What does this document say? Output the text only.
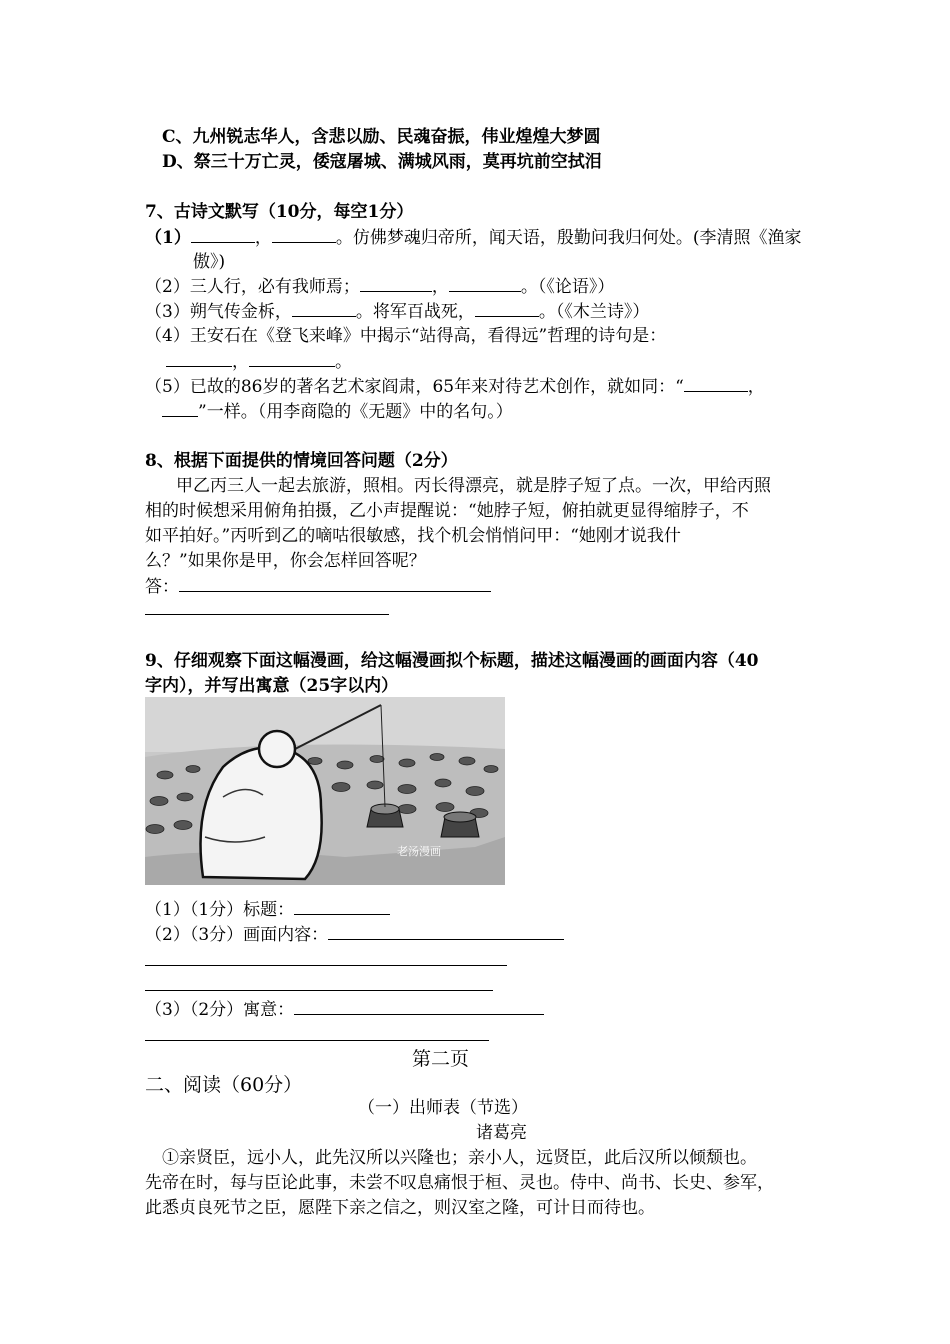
C、九州锐志华人，含悲以励、民魂奋振，伟业煌煌大梦圆
D、祭三十万亡灵，倭寇屠城、满城风雨，莫再坑前空拭泪
7、古诗文默写（10分，每空1分）
（1）	，	。仿佛梦魂归帝所，闻天语，殷勤问我归何处。(李清照《渔家
傲》)
（2）三人行，必有我师焉；	，	。（《论语》）
（3）朔气传金柝，	。将军百战死，	。（《木兰诗》）
（4）王安石在《登飞来峰》中揭示“站得高，看得远”哲理的诗句是：
，	。
（5）已故的86岁的著名艺术家阎肃，65年来对待艺术创作，就如同：“	，
”一样。（用李商隐的《无题》中的名句。）
8、根据下面提供的情境回答问题（2分）
甲乙丙三人一起去旅游，照相。丙长得漂亮，就是脖子短了点。一次，甲给丙照
相的时候想采用俯角拍摄，乙小声提醒说：“她脖子短，俯拍就更显得缩脖子，不
如平拍好。”丙听到乙的嘀咕很敏感，找个机会悄悄问甲：“她刚才说我什
么？”如果你是甲，你会怎样回答呢？
答：
9、仔细观察下面这幅漫画，给这幅漫画拟个标题，描述这幅漫画的画面内容（40
字内），并写出寓意（25字以内）
老汤漫画
（1）（1分）标题：
（2）（3分）画面内容：
（3）（2分）寓意：
第二页
二、阅读（60分）
（一）出师表（节选）
诸葛亮
①亲贤臣，远小人，此先汉所以兴隆也；亲小人，远贤臣，此后汉所以倾颓也。
先帝在时，每与臣论此事，未尝不叹息痛恨于桓、灵也。侍中、尚书、长史、参军，
此悉贞良死节之臣，愿陛下亲之信之，则汉室之隆，可计日而待也。
